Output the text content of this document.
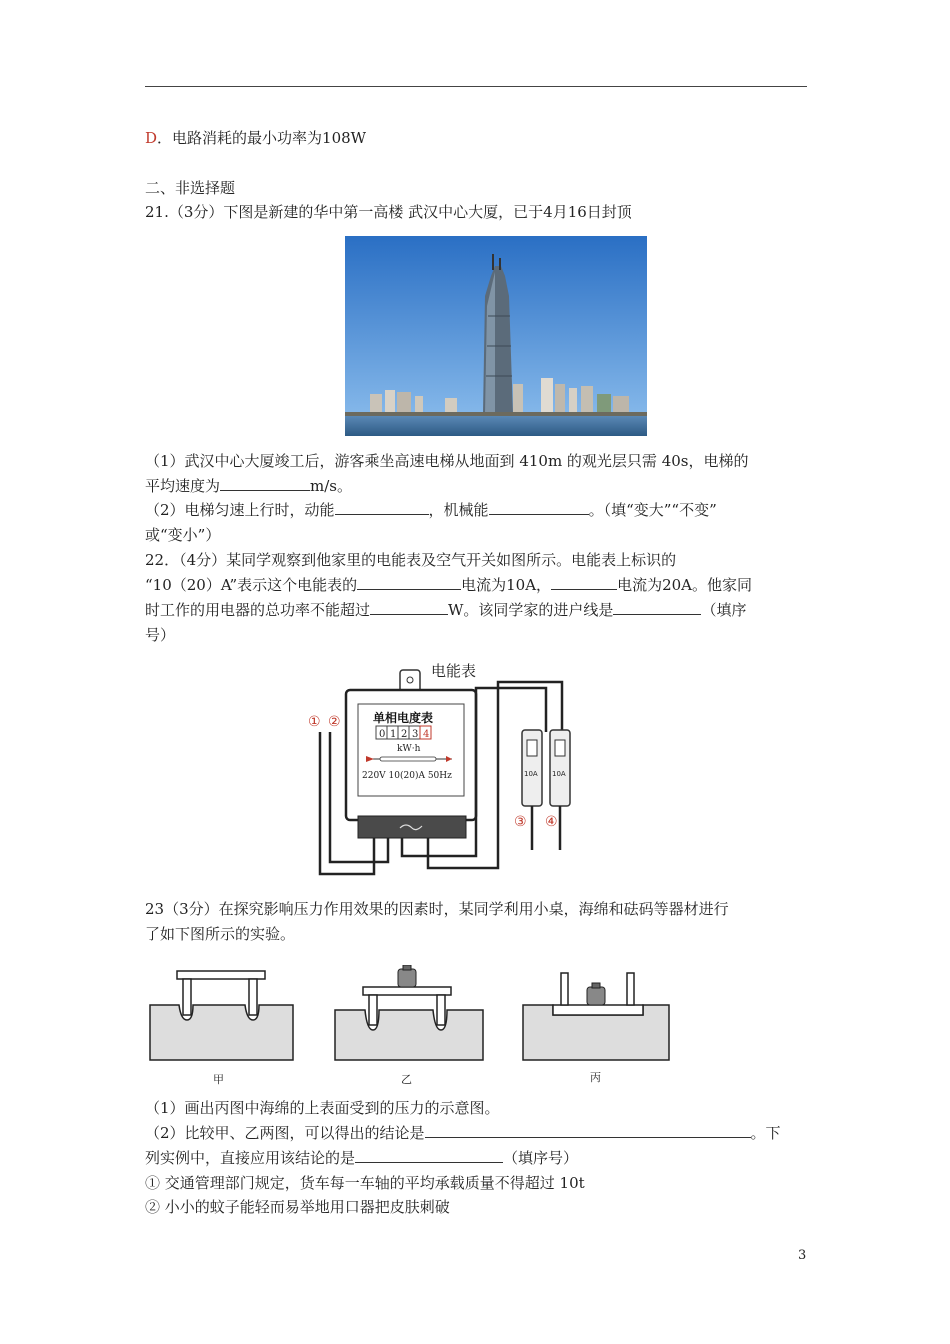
D．电路消耗的最小功率为108W
二、非选择题
21.（3分）下图是新建的华中第一高楼 武汉中心大厦，已于4月16日封顶
（1）武汉中心大厦竣工后，游客乘坐高速电梯从地面到 410m 的观光层只需 40s，电梯的
平均速度为	m/s。
（2）电梯匀速上行时，动能	，机械能	。（填“变大”“不变”
或“变小”）
22．（4分）某同学观察到他家里的电能表及空气开关如图所示。电能表上标识的
“10（20）A”表示这个电能表的	电流为10A，	电流为20A。他家同
时工作的用电器的总功率不能超过	W。该同学家的进户线是	（填序
号）
电能表
单相电度表
0 1 2 3 4
kW·h
220V 10(20)A 50Hz	10A 10A
① ②
③ ④
23（3分）在探究影响压力作用效果的因素时，某同学利用小桌，海绵和砝码等器材进行
了如下图所示的实验。
甲	乙	丙
（1）画出丙图中海绵的上表面受到的压力的示意图。
（2）比较甲、乙两图，可以得出的结论是	。下
列实例中，直接应用该结论的是	（填序号）
① 交通管理部门规定，货车每一车轴的平均承载质量不得超过 10t
② 小小的蚊子能轻而易举地用口器把皮肤刺破
3
